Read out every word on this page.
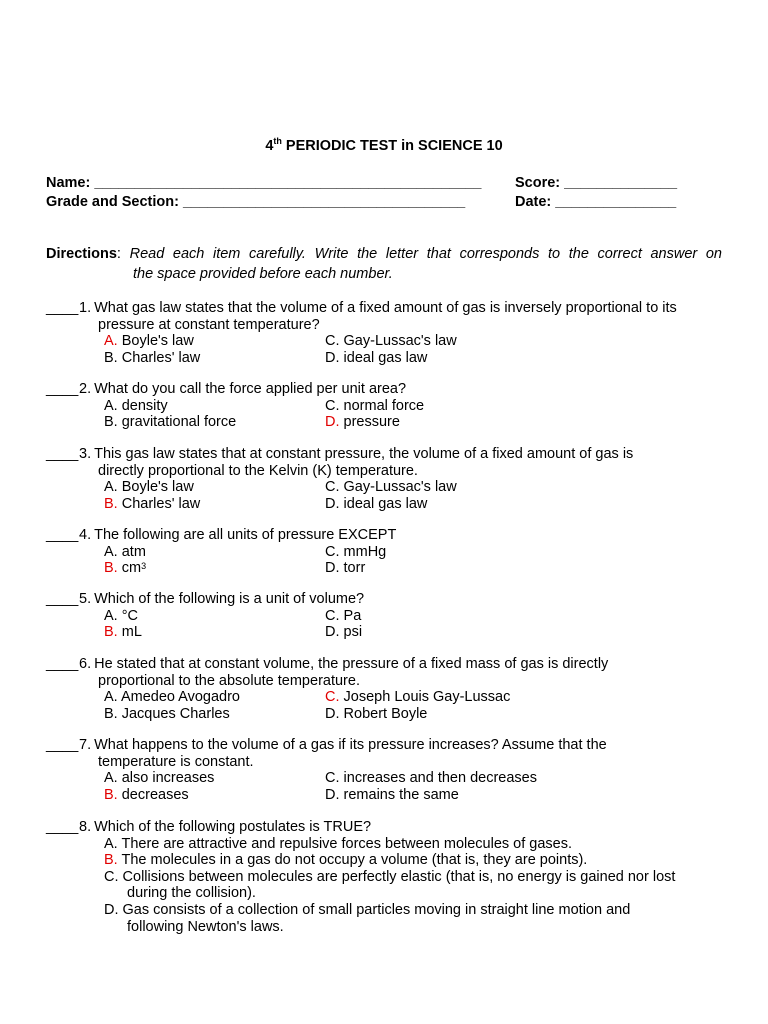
4th PERIODIC TEST in SCIENCE 10
Name: ________________________________________________ Score: ______________
Grade and Section: ___________________________________	Date: _______________
Directions: Read each item carefully. Write the letter that corresponds to the correct answer on
the space provided before each number.
____ 1. What gas law states that the volume of a fixed amount of gas is inversely proportional to its
pressure at constant temperature?
A. Boyle's law	C. Gay-Lussac's law
B. Charles' law	D. ideal gas law
____ 2. What do you call the force applied per unit area?
A. density	C. normal force
B. gravitational force	D. pressure
____ 3. This gas law states that at constant pressure, the volume of a fixed amount of gas is
directly proportional to the Kelvin (K) temperature.
A. Boyle's law	C. Gay-Lussac's law
B. Charles' law	D. ideal gas law
____ 4. The following are all units of pressure EXCEPT
A. atm	C. mmHg
B. $cm^3$	D. torr
____ 5. Which of the following is a unit of volume?
A. °C	C. Pa
B. mL	D. psi
____ 6. He stated that at constant volume, the pressure of a fixed mass of gas is directly
proportional to the absolute temperature.
A. Amedeo Avogadro	C. Joseph Louis Gay-Lussac
B. Jacques Charles	D. Robert Boyle
____ 7. What happens to the volume of a gas if its pressure increases? Assume that the
temperature is constant.
A. also increases	C. increases and then decreases
B. decreases	D. remains the same
____ 8. Which of the following postulates is TRUE?
A. There are attractive and repulsive forces between molecules of gases.
B. The molecules in a gas do not occupy a volume (that is, they are points).
C. Collisions between molecules are perfectly elastic (that is, no energy is gained nor lost
during the collision).
D. Gas consists of a collection of small particles moving in straight line motion and
following Newton's laws.
